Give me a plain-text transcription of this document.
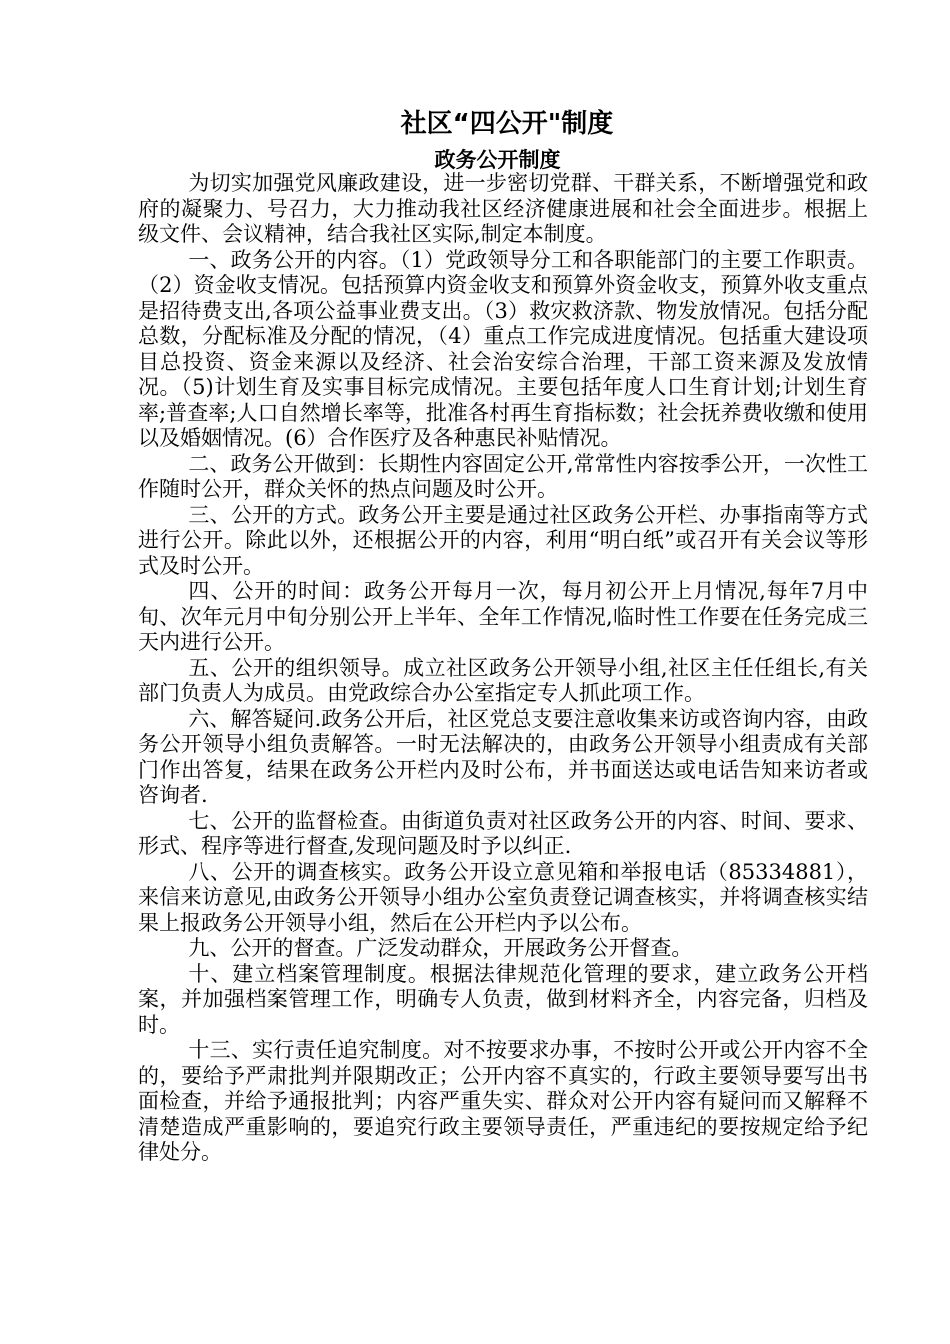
社区“四公开"制度
政务公开制度

为切实加强党风廉政建设，进一步密切党群、干群关系，不断增强党和政府的凝聚力、号召力，大力推动我社区经济健康进展和社会全面进步。根据上级文件、会议精神，结合我社区实际,制定本制度。

一、政务公开的内容。（1）党政领导分工和各职能部门的主要工作职责。（2）资金收支情况。包括预算内资金收支和预算外资金收支，预算外收支重点是招待费支出,各项公益事业费支出。（3）救灾救济款、物发放情况。包括分配总数，分配标准及分配的情况，（4）重点工作完成进度情况。包括重大建设项目总投资、资金来源以及经济、社会治安综合治理，干部工资来源及发放情况。（5)计划生育及实事目标完成情况。主要包括年度人口生育计划;计划生育率;普查率;人口自然增长率等，批准各村再生育指标数；社会抚养费收缴和使用以及婚姻情况。(6）合作医疗及各种惠民补贴情况。

二、政务公开做到：长期性内容固定公开,常常性内容按季公开，一次性工作随时公开，群众关怀的热点问题及时公开。

三、公开的方式。政务公开主要是通过社区政务公开栏、办事指南等方式进行公开。除此以外，还根据公开的内容，利用“明白纸”或召开有关会议等形式及时公开。

四、公开的时间：政务公开每月一次，每月初公开上月情况,每年7月中旬、次年元月中旬分别公开上半年、全年工作情况,临时性工作要在任务完成三天内进行公开。

五、公开的组织领导。成立社区政务公开领导小组,社区主任任组长,有关部门负责人为成员。由党政综合办公室指定专人抓此项工作。

六、解答疑问.政务公开后，社区党总支要注意收集来访或咨询内容，由政务公开领导小组负责解答。一时无法解决的，由政务公开领导小组责成有关部门作出答复，结果在政务公开栏内及时公布，并书面送达或电话告知来访者或咨询者.

七、公开的监督检查。由街道负责对社区政务公开的内容、时间、要求、形式、程序等进行督查,发现问题及时予以纠正.

八、公开的调查核实。政务公开设立意见箱和举报电话（85334881），来信来访意见,由政务公开领导小组办公室负责登记调查核实，并将调查核实结果上报政务公开领导小组，然后在公开栏内予以公布。

九、公开的督查。广泛发动群众，开展政务公开督查。

十、建立档案管理制度。根据法律规范化管理的要求，建立政务公开档案，并加强档案管理工作，明确专人负责，做到材料齐全，内容完备，归档及时。

十三、实行责任追究制度。对不按要求办事，不按时公开或公开内容不全的，要给予严肃批判并限期改正；公开内容不真实的，行政主要领导要写出书面检查，并给予通报批判；内容严重失实、群众对公开内容有疑问而又解释不清楚造成严重影响的，要追究行政主要领导责任，严重违纪的要按规定给予纪律处分。
